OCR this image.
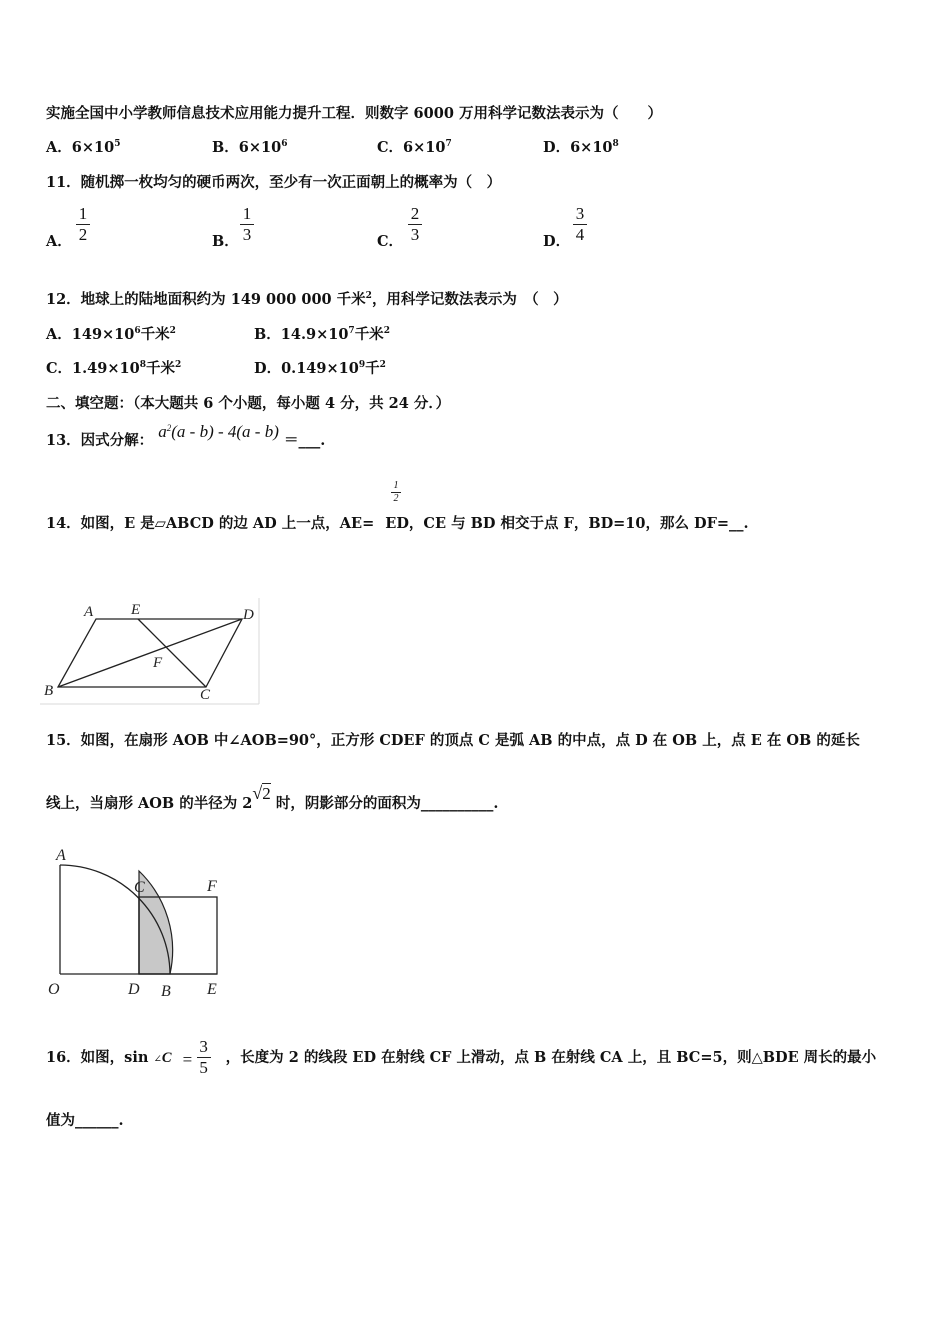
实施全国中小学教师信息技术应用能力提升工程．则数字 6000 万用科学记数法表示为（　　）
A．$6\times 10^5$	B．$6\times 10^6$	C．$6\times 10^7$	D．$6\times 10^8$
11．随机掷一枚均匀的硬币两次，至少有一次正面朝上的概率为（　）
A．
1
2	B．
1
3	C．
2
3	D．
3
4
12．地球上的陆地面积约为 149 000 000 千米$^2$，用科学记数法表示为　（　）
A．$149\times 10^6$千米$^2$	B．$14.9\times 10^7$千米$^2$
C．$1.49\times 10^8$千米$^2$	D．$0.149\times 10^9$千$^2$
二、填空题：（本大题共 6 个小题，每小题 4 分，共 24 分．）
13．因式分解： $a^2(a - b) - 4(a - b)$ ＝___.
1
2
14．如图，E 是▱ABCD 的边 AD 上一点，AE= ED，CE 与 BD 相交于点 F，BD=10，那么 DF=__.
A	E	D
F
B	C
15．如图，在扇形 AOB 中∠AOB=90°，正方形 CDEF 的顶点 C 是弧 AB 的中点，点 D 在 OB 上，点 E 在 OB 的延长
线上，当扇形 AOB 的半径为 2√2 时，阴影部分的面积为__________.
A
C	F
O	D B E
16．如图，sin ∠C =
3
5
，长度为 2 的线段 ED 在射线 CF 上滑动，点 B 在射线 CA 上，且 BC=5，则△BDE 周长的最小
值为______.
